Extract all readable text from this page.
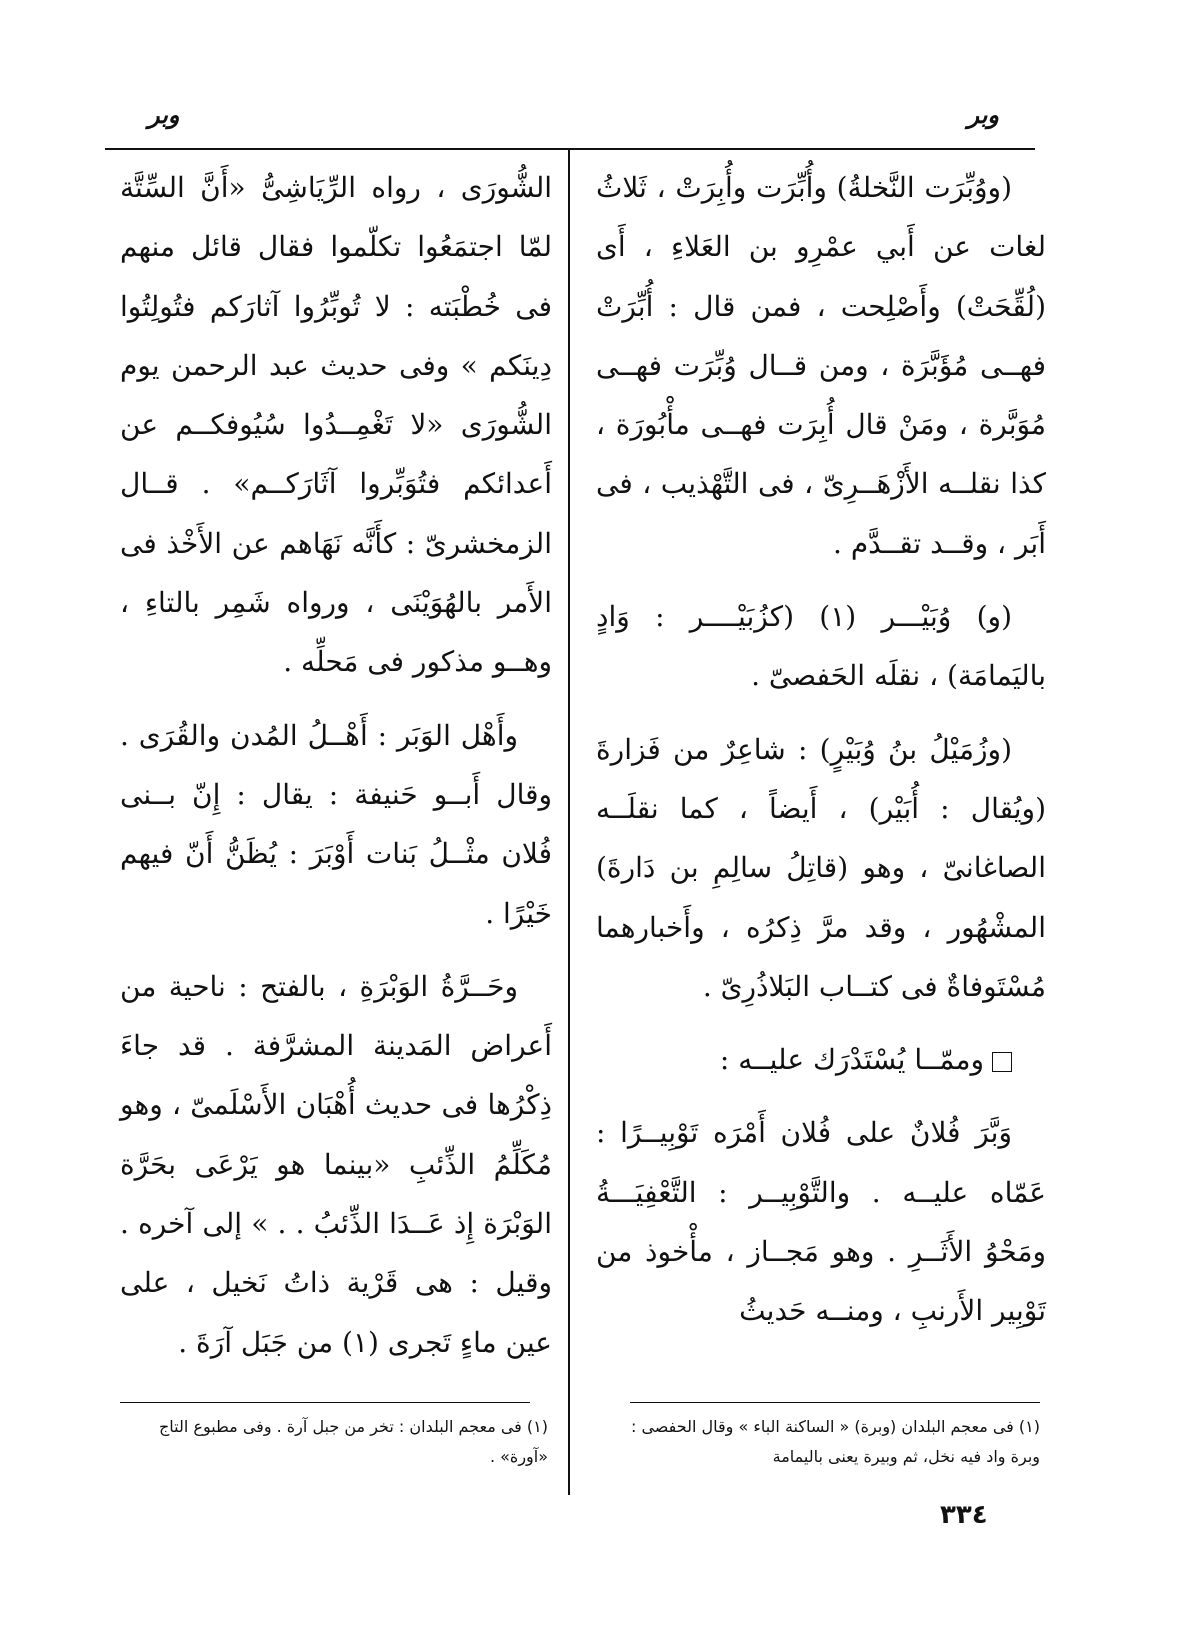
وبر
وبر

(ووُبِّرَت النَّخلةُ) وأُبِّرَت وأُبِرَتْ ، ثَلاثُ لغات عن أَبي عمْرِو بن العَلاءِ ، أَى (لُقِّحَتْ) وأَصْلِحت ، فمن قال : أُبِّرَتْ فهــى مُؤَبَّرَة ، ومن قــال وُبِّرَت فهــى مُوَبَّرة ، ومَنْ قال أُبِرَت فهــى مأْبُورَة ، كذا نقلــه الأَزْهَــرِىّ ، فى التَّهْذيب ، فى أَبَر ، وقــد تقــدَّم .

(و) وُبَيْـــر (١) (كزُبَيْــــر : وَادٍ باليَمامَة) ، نقلَه الحَفصىّ .

(وزُمَيْلُ بنُ وُبَيْرٍ) : شاعِرٌ من فَزارةَ (ويُقال : أُبَيْر) ، أَيضاً ، كما نقلَــه الصاغانىّ ، وهو (قاتِلُ سالِمِ بن دَارةَ) المشْهُور ، وقد مرَّ ذِكرُه ، وأَخبارهما مُسْتَوفاةٌ فى كتــاب البَلاذُرِىّ .

وممّــا يُسْتَدْرَك عليــه :

وَبَّرَ فُلانٌ على فُلان أَمْرَه تَوْبِيــرًا : عَمّاه عليــه . والتَّوْبِيــر : التَّعْفِيَـــةُ ومَحْوُ الأَثَــرِ . وهو مَجــاز ، مأْخوذ من تَوْبِير الأَرنبِ ، ومنــه حَديثُ

الشُّورَى ، رواه الرِّيَاشِىُّ «أَنَّ السِّتَّة لمّا اجتمَعُوا تكلّموا فقال قائل منهم فى خُطْبَته : لا تُوبِّرُوا آثارَكم فتُولِتُوا دِينَكم » وفى حديث عبد الرحمن يوم الشُّورَى «لا تَغْمِــدُوا سُيُوفكــم عن أَعدائكم فتُوَبِّروا آثَارَكــم» . قــال الزمخشرىّ : كأَنَّه نَهَاهم عن الأَخْذ فى الأَمر بالهُوَيْنَى ، ورواه شَمِر بالتاءِ ، وهــو مذكور فى مَحلِّه .

وأَهْل الوَبَر : أَهْــلُ المُدن والقُرَى . وقال أَبــو حَنيفة : يقال : إِنّ بــنى فُلان مثْــلُ بَنات أَوْبَرَ : يُظَنُّ أَنّ فيهم خَيْرًا .

وحَــرَّةُ الوَبْرَةِ ، بالفتح : ناحية من أَعراض المَدينة المشرَّفة . قد جاءَ ذِكْرُها فى حديث أُهْبَان الأَسْلَمىّ ، وهو مُكَلِّمُ الذِّئبِ «بينما هو يَرْعَى بحَرَّة الوَبْرَة إِذ عَــدَا الذِّئبُ . . » إلى آخره . وقيل : هى قَرْية ذاتُ نَخيل ، على عين ماءٍ تَجرى (١) من جَبَل آرَةَ .

(١) فى معجم البلدان (وبرة) « الساكنة الباء » وقال الحفصى : وبرة واد فيه نخل، ثم وبيرة يعنى باليمامة
(١) فى معجم البلدان : تخر من جبل آرة . وفى مطبوع التاج «آورة» .
٣٣٤
